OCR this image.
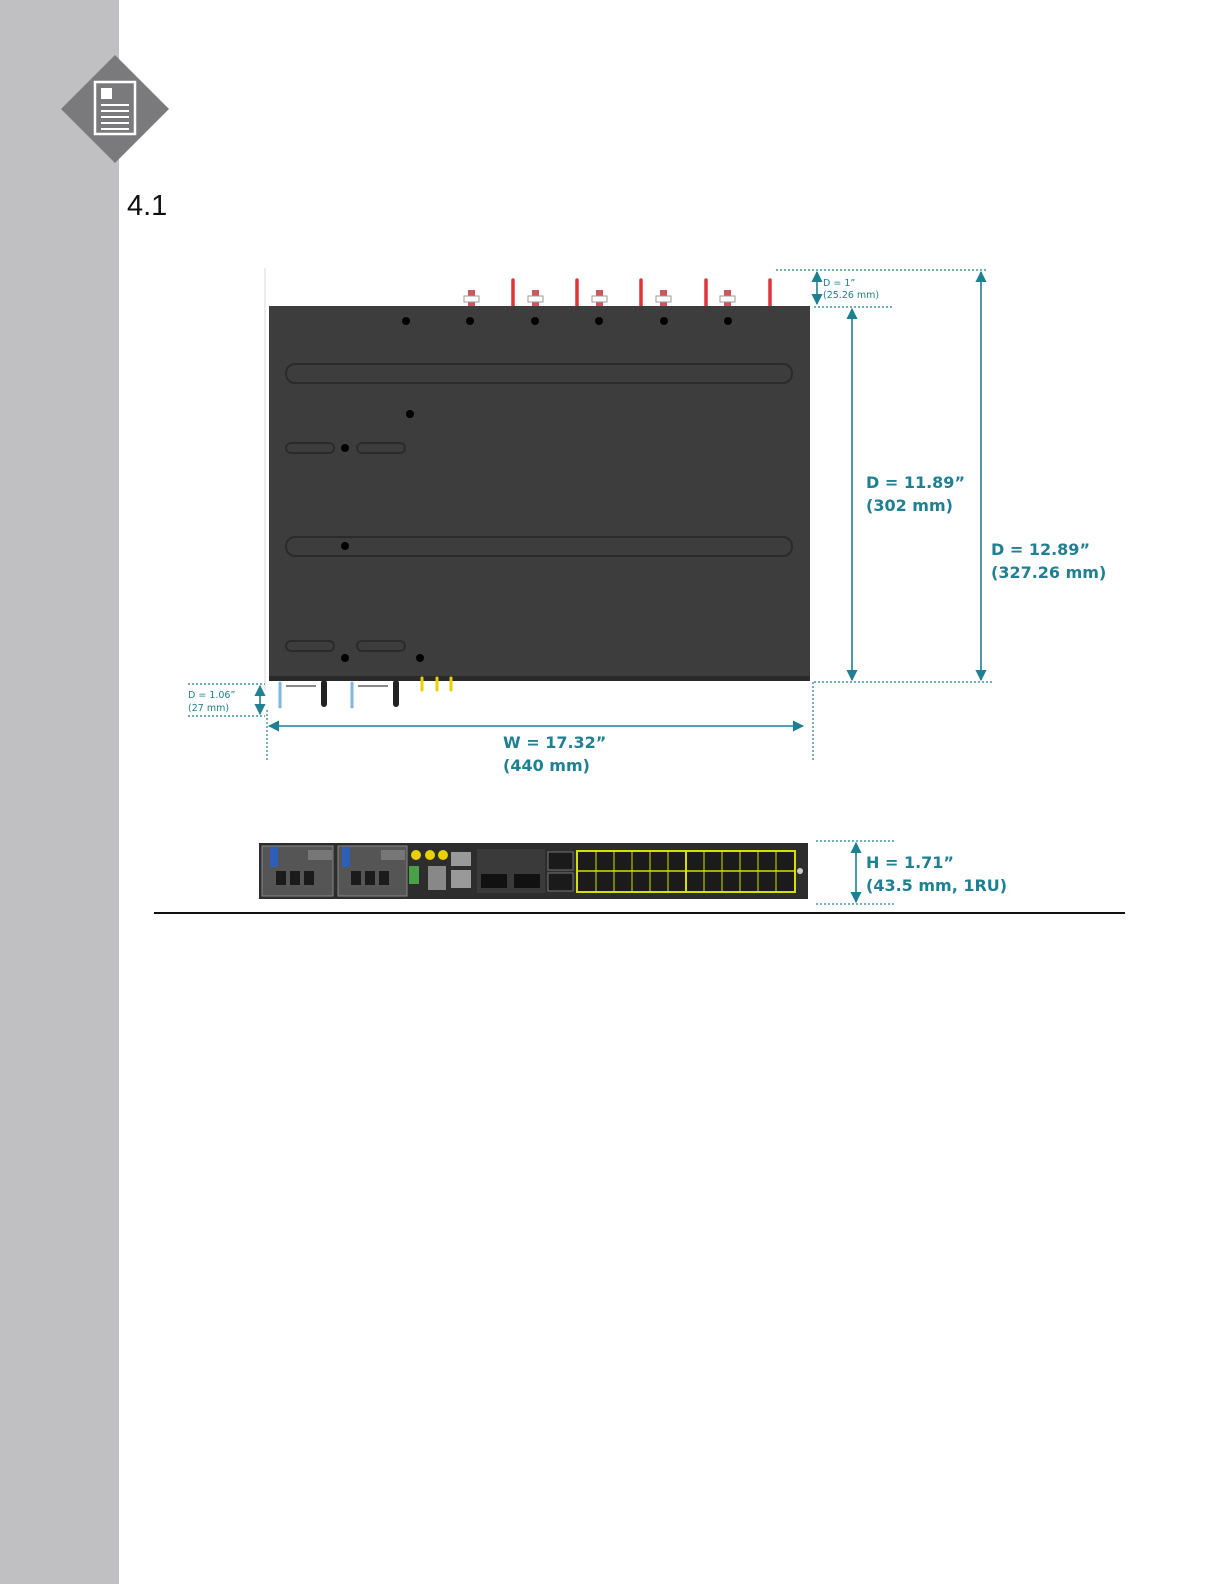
4.1
D = 1”
(25.26 mm)
D = 11.89”
(302 mm)
D = 12.89”
(327.26 mm)
D = 1.06”
(27 mm)
W = 17.32”
(440 mm)
H = 1.71”
(43.5 mm, 1RU)
